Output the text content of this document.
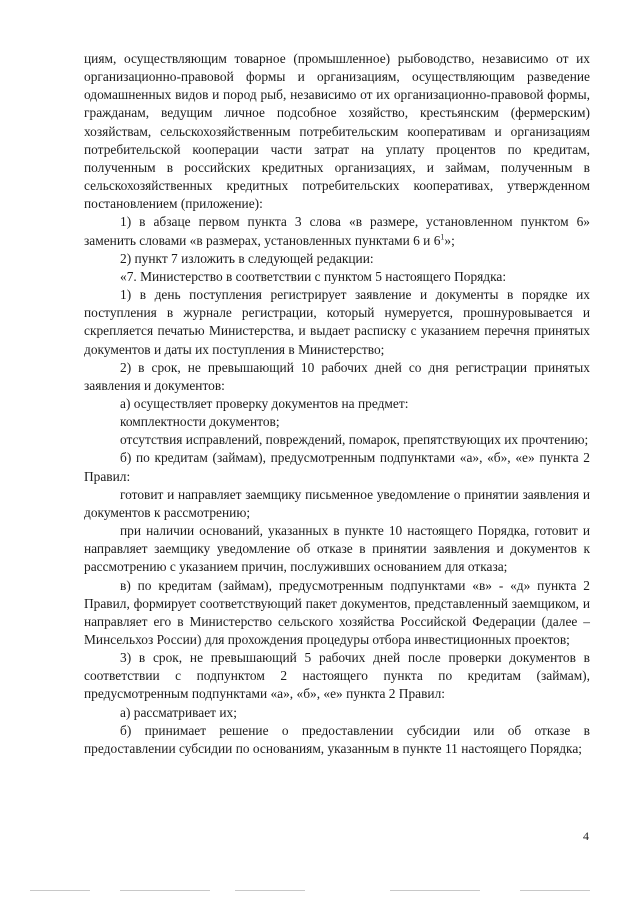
циям, осуществляющим товарное (промышленное) рыбоводство, независимо от их организационно-правовой формы и организациям, осуществляющим разведение одомашненных видов и пород рыб, независимо от их организационно-правовой формы, гражданам, ведущим личное подсобное хозяйство, крестьянским (фермерским) хозяйствам, сельскохозяйственным потребительским кооперативам и организациям потребительской кооперации части затрат на уплату процентов по кредитам, полученным в российских кредитных организациях, и займам, полученным в сельскохозяйственных кредитных потребительских кооперативах, утвержденном постановлением (приложение):

1) в абзаце первом пункта 3 слова «в размере, установленном пунктом 6» заменить словами «в размерах, установленных пунктами 6 и $6^1$»;

2) пункт 7 изложить в следующей редакции:

«7. Министерство в соответствии с пунктом 5 настоящего Порядка:

1) в день поступления регистрирует заявление и документы в порядке их поступления в журнале регистрации, который нумеруется, прошнуровывается и скрепляется печатью Министерства, и выдает расписку с указанием перечня принятых документов и даты их поступления в Министерство;

2) в срок, не превышающий 10 рабочих дней со дня регистрации принятых заявления и документов:

а) осуществляет проверку документов на предмет:

комплектности документов;

отсутствия исправлений, повреждений, помарок, препятствующих их прочтению;

б) по кредитам (займам), предусмотренным подпунктами «а», «б», «е» пункта 2 Правил:

готовит и направляет заемщику письменное уведомление о принятии заявления и документов к рассмотрению;

при наличии оснований, указанных в пункте 10 настоящего Порядка, готовит и направляет заемщику уведомление об отказе в принятии заявления и документов к рассмотрению с указанием причин, послуживших основанием для отказа;

в) по кредитам (займам), предусмотренным подпунктами «в» - «д» пункта 2 Правил, формирует соответствующий пакет документов, представленный заемщиком, и направляет его в Министерство сельского хозяйства Российской Федерации (далее – Минсельхоз России) для прохождения процедуры отбора инвестиционных проектов;

3) в срок, не превышающий 5 рабочих дней после проверки документов в соответствии с подпунктом 2 настоящего пункта по кредитам (займам), предусмотренным подпунктами «а», «б», «е» пункта 2 Правил:

а) рассматривает их;

б) принимает решение о предоставлении субсидии или об отказе в предоставлении субсидии по основаниям, указанным в пункте 11 настоящего Порядка;

4
